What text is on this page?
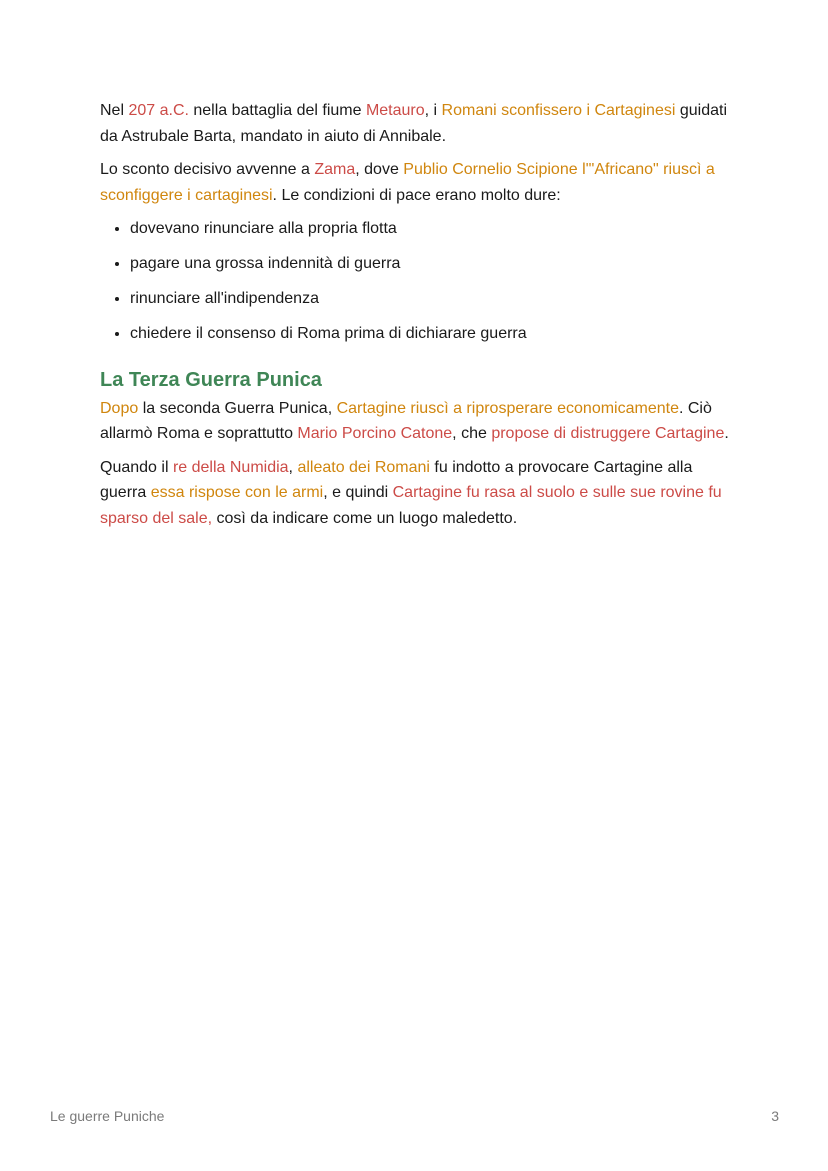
Nel 207 a.C. nella battaglia del fiume Metauro, i Romani sconfissero i Cartaginesi guidati da Astrubale Barta, mandato in aiuto di Annibale.

Lo sconto decisivo avvenne a Zama, dove Publio Cornelio Scipione l'"Africano" riuscì a sconfiggere i cartaginesi. Le condizioni di pace erano molto dure:

• dovevano rinunciare alla propria flotta
• pagare una grossa indennità di guerra
• rinunciare all'indipendenza
• chiedere il consenso di Roma prima di dichiarare guerra
La Terza Guerra Punica

Dopo la seconda Guerra Punica, Cartagine riuscì a riprosperare economicamente. Ciò allarmò Roma e soprattutto Mario Porcino Catone, che propose di distruggere Cartagine.

Quando il re della Numidia, alleato dei Romani fu indotto a provocare Cartagine alla guerra essa rispose con le armi, e quindi Cartagine fu rasa al suolo e sulle sue rovine fu sparso del sale, così da indicare come un luogo maledetto.

Le guerre Puniche	3
